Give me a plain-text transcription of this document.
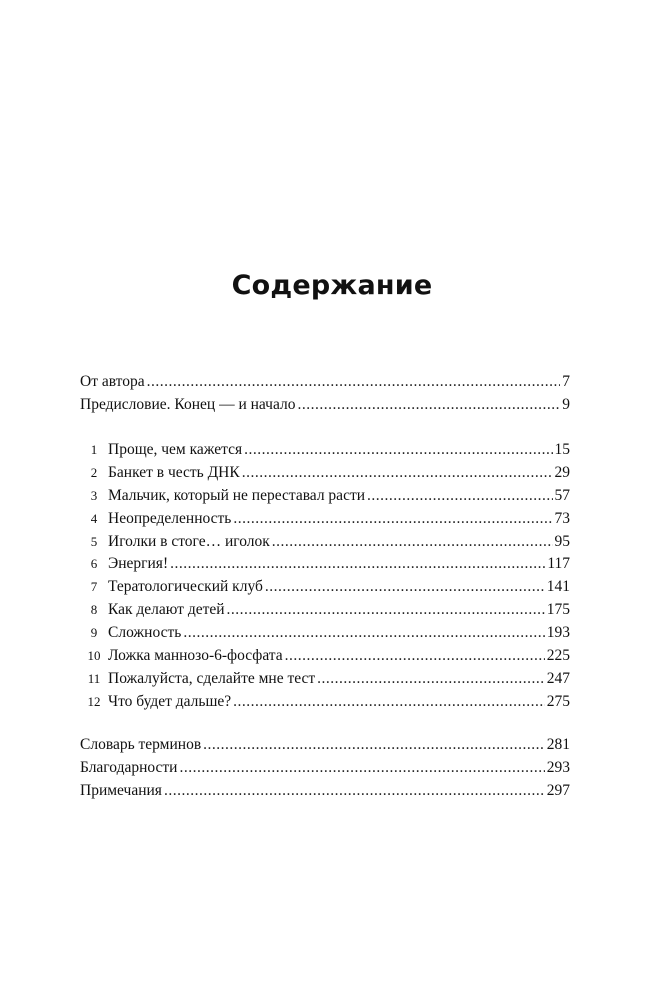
Содержание
От автора .....	7
Предисловие. Конец — и начало .....	9
1 Проще, чем кажется .....	15
2 Банкет в честь ДНК .....	29
3 Мальчик, который не переставал расти .....	57
4 Неопределенность .....	73
5 Иголки в стоге… иголок .....	95
6 Энергия! .....	117
7 Тератологический клуб .....	141
8 Как делают детей .....	175
9 Сложность .....	193
10 Ложка маннозо-6-фосфата .....	225
11 Пожалуйста, сделайте мне тест .....	247
12 Что будет дальше? .....	275
Словарь терминов .....	281
Благодарности .....	293
Примечания .....	297
